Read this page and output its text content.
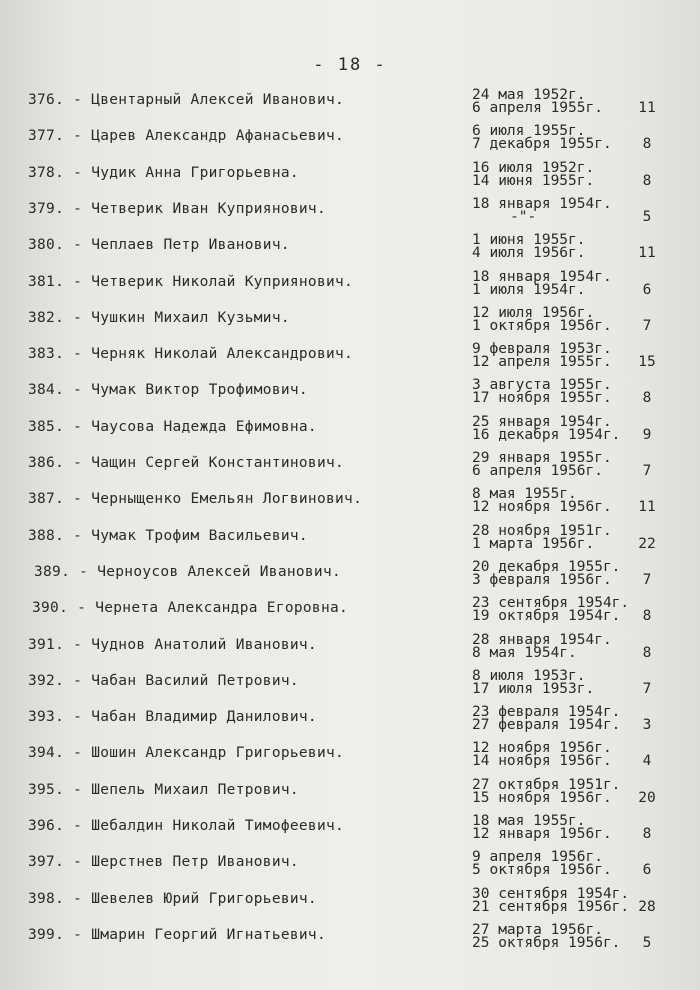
- 18 -
376. - Цвентарный Алексей Иванович.	24 мая 1952г.
6 апреля 1955г.	11
377. - Царев Александр Афанасьевич.	6 июля 1955г.
7 декабря 1955г.	8
378. - Чудик Анна Григорьевна.	16 июля 1952г.
14 июня 1955г.	8
379. - Четверик Иван Куприянович.	18 января 1954г.
-"-	5
380. - Чеплаев Петр Иванович.	1 июня 1955г.
4 июля 1956г.	11
381. - Четверик Николай Куприянович.	18 января 1954г.
1 июля 1954г.	6
382. - Чушкин Михаил Кузьмич.	12 июля 1956г.
1 октября 1956г.	7
383. - Черняк Николай Александрович.	9 февраля 1953г.
12 апреля 1955г.	15
384. - Чумак Виктор Трофимович.	3 августа 1955г.
17 ноября 1955г.	8
385. - Чаусова Надежда Ефимовна.	25 января 1954г.
16 декабря 1954г.	9
386. - Чащин Сергей Константинович.	29 января 1955г.
6 апреля 1956г.	7
387. - Черныщенко Емельян Логвинович.	8 мая 1955г.
12 ноября 1956г.	11
388. - Чумак Трофим Васильевич.	28 ноября 1951г.
1 марта 1956г.	22
389. - Черноусов Алексей Иванович.	20 декабря 1955г.
3 февраля 1956г.	7
390. - Чернета Александра Егоровна.	23 сентября 1954г.
19 октября 1954г.	8
391. - Чуднов Анатолий Иванович.	28 января 1954г.
8 мая 1954г.	8
392. - Чабан Василий Петрович.	8 июля 1953г.
17 июля 1953г.	7
393. - Чабан Владимир Данилович.	23 февраля 1954г.
27 февраля 1954г.	3
394. - Шошин Александр Григорьевич.	12 ноября 1956г.
14 ноября 1956г.	4
395. - Шепель Михаил Петрович.	27 октября 1951г.
15 ноября 1956г.	20
396. - Шебалдин Николай Тимофеевич.	18 мая 1955г.
12 января 1956г.	8
397. - Шерстнев Петр Иванович.	9 апреля 1956г.
5 октября 1956г.	6
398. - Шевелев Юрий Григорьевич.	30 сентября 1954г.
21 сентября 1956г. 28
399. - Шмарин Георгий Игнатьевич.	27 марта 1956г.
25 октября 1956г.	5
